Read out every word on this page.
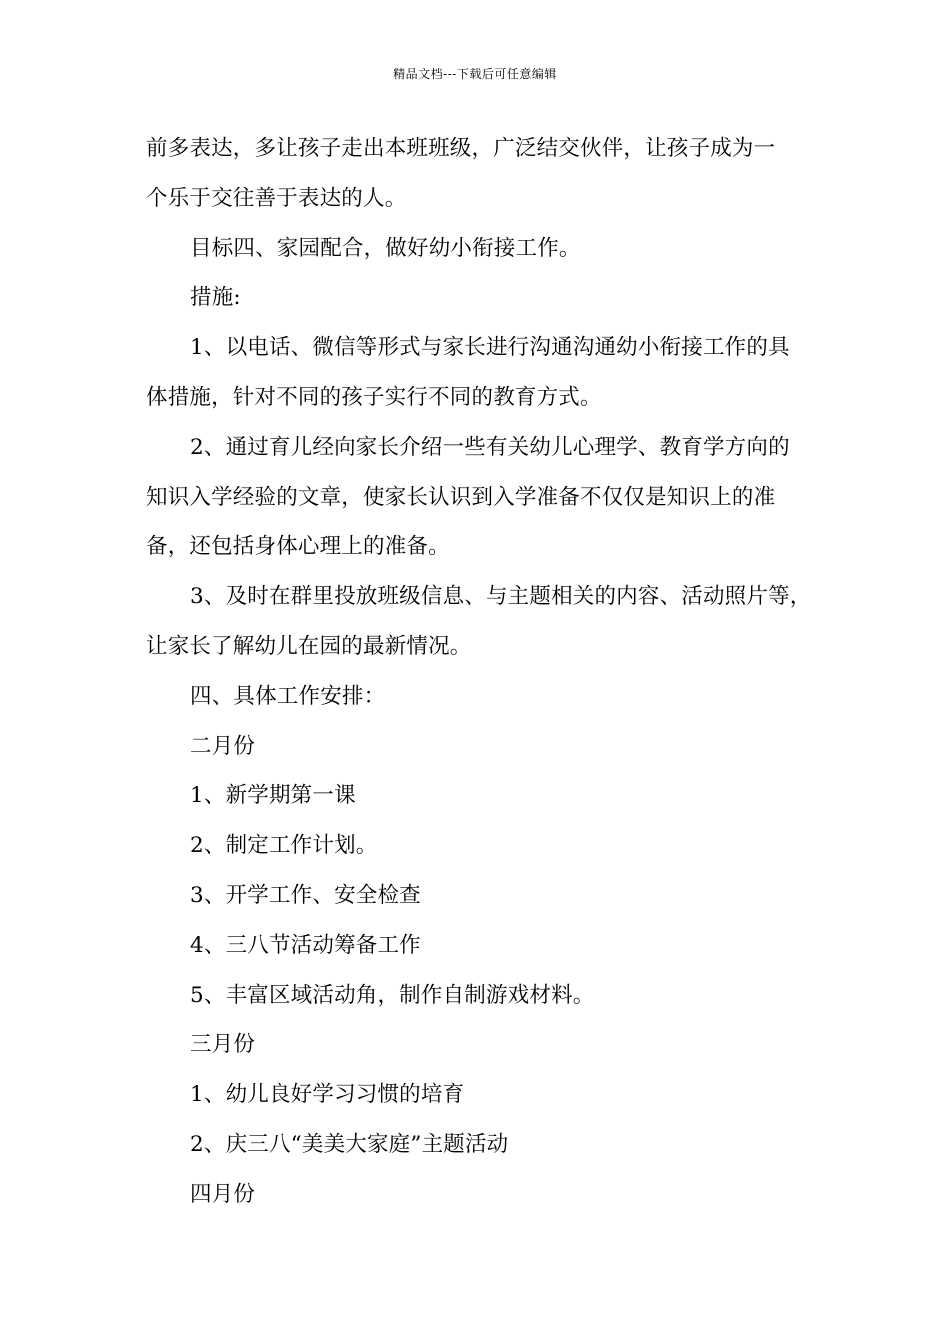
精品文档---下载后可任意编辑
前多表达，多让孩子走出本班班级，广泛结交伙伴，让孩子成为一
个乐于交往善于表达的人。
目标四、家园配合，做好幼小衔接工作。
措施:
1、以电话、微信等形式与家长进行沟通沟通幼小衔接工作的具
体措施，针对不同的孩子实行不同的教育方式。
2、通过育儿经向家长介绍一些有关幼儿心理学、教育学方向的
知识入学经验的文章，使家长认识到入学准备不仅仅是知识上的准
备，还包括身体心理上的准备。
3、及时在群里投放班级信息、与主题相关的内容、活动照片等，
让家长了解幼儿在园的最新情况。
四、具体工作安排：
二月份
1、新学期第一课
2、制定工作计划。
3、开学工作、安全检查
4、三八节活动筹备工作
5、丰富区域活动角，制作自制游戏材料。
三月份
1、幼儿良好学习习惯的培育
2、庆三八“美美大家庭”主题活动
四月份
